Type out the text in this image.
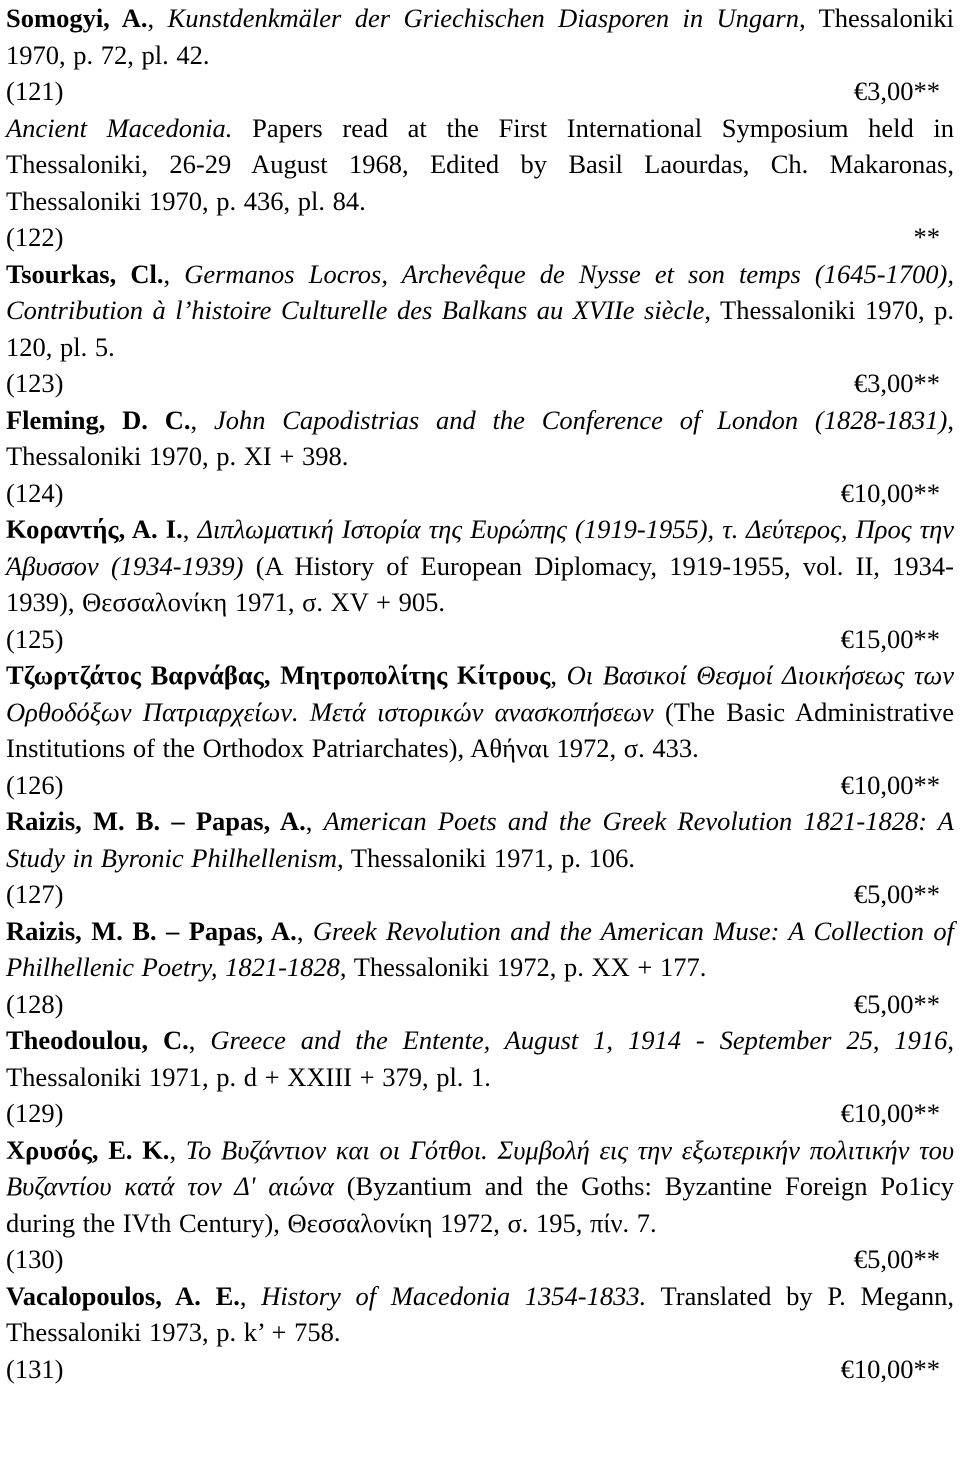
Somogyi, A., Kunstdenkmäler der Griechischen Diasporen in Ungarn, Thessaloniki 1970, p. 72, pl. 42.
(121)	€3,00**
Ancient Macedonia. Papers read at the First International Symposium held in Thessaloniki, 26-29 August 1968, Edited by Basil Laourdas, Ch. Makaronas, Thessaloniki 1970, p. 436, pl. 84.
(122)	**
Tsourkas, Cl., Germanos Locros, Archevêque de Nysse et son temps (1645-1700), Contribution à l’histoire Culturelle des Balkans au XVIIe siècle, Thessaloniki 1970, p. 120, pl. 5.
(123)	€3,00**
Fleming, D. C., John Capodistrias and the Conference of London (1828-1831), Thessaloniki 1970, p. XI + 398.
(124)	€10,00**
Κοραντής, Α. Ι., Διπλωματική Ιστορία της Ευρώπης (1919-1955), τ. Δεύτερος, Προς την Άβυσσον (1934-1939) (A History of European Diplomacy, 1919-1955, vol. II, 1934-1939), Θεσσαλονίκη 1971, σ. XV + 905.
(125)	€15,00**
Τζωρτζάτος Βαρνάβας, Μητροπολίτης Κίτρους, Οι Βασικοί Θεσμοί Διοικήσεως των Ορθοδόξων Πατριαρχείων. Μετά ιστορικών ανασκοπήσεων (The Basic Administrative Institutions of the Orthodox Patriarchates), Αθήναι 1972, σ. 433.
(126)	€10,00**
Raizis, M. B. – Papas, A., American Poets and the Greek Revolution 1821-1828: A Study in Byronic Philhellenism, Thessaloniki 1971, p. 106.
(127)	€5,00**
Raizis, M. B. – Papas, A., Greek Revolution and the American Muse: A Collection of Philhellenic Poetry, 1821-1828, Thessaloniki 1972, p. XX + 177.
(128)	€5,00**
Theodoulou, C., Greece and the Entente, August 1, 1914 - September 25, 1916, Thessaloniki 1971, p. d + XXIII + 379, pl. 1.
(129)	€10,00**
Χρυσός, Ε. Κ., Το Βυζάντιον και οι Γότθοι. Συμβολή εις την εξωτερικήν πολιτικήν του Βυζαντίου κατά τον Δ' αιώνα (Byzantium and the Goths: Byzantine Foreign Po1icy during the IVth Century), Θεσσαλονίκη 1972, σ. 195, πίν. 7.
(130)	€5,00**
Vacalopoulos, A. E., History of Macedonia 1354-1833. Translated by P. Megann, Thessaloniki 1973, p. k’ + 758.
(131)	€10,00**
